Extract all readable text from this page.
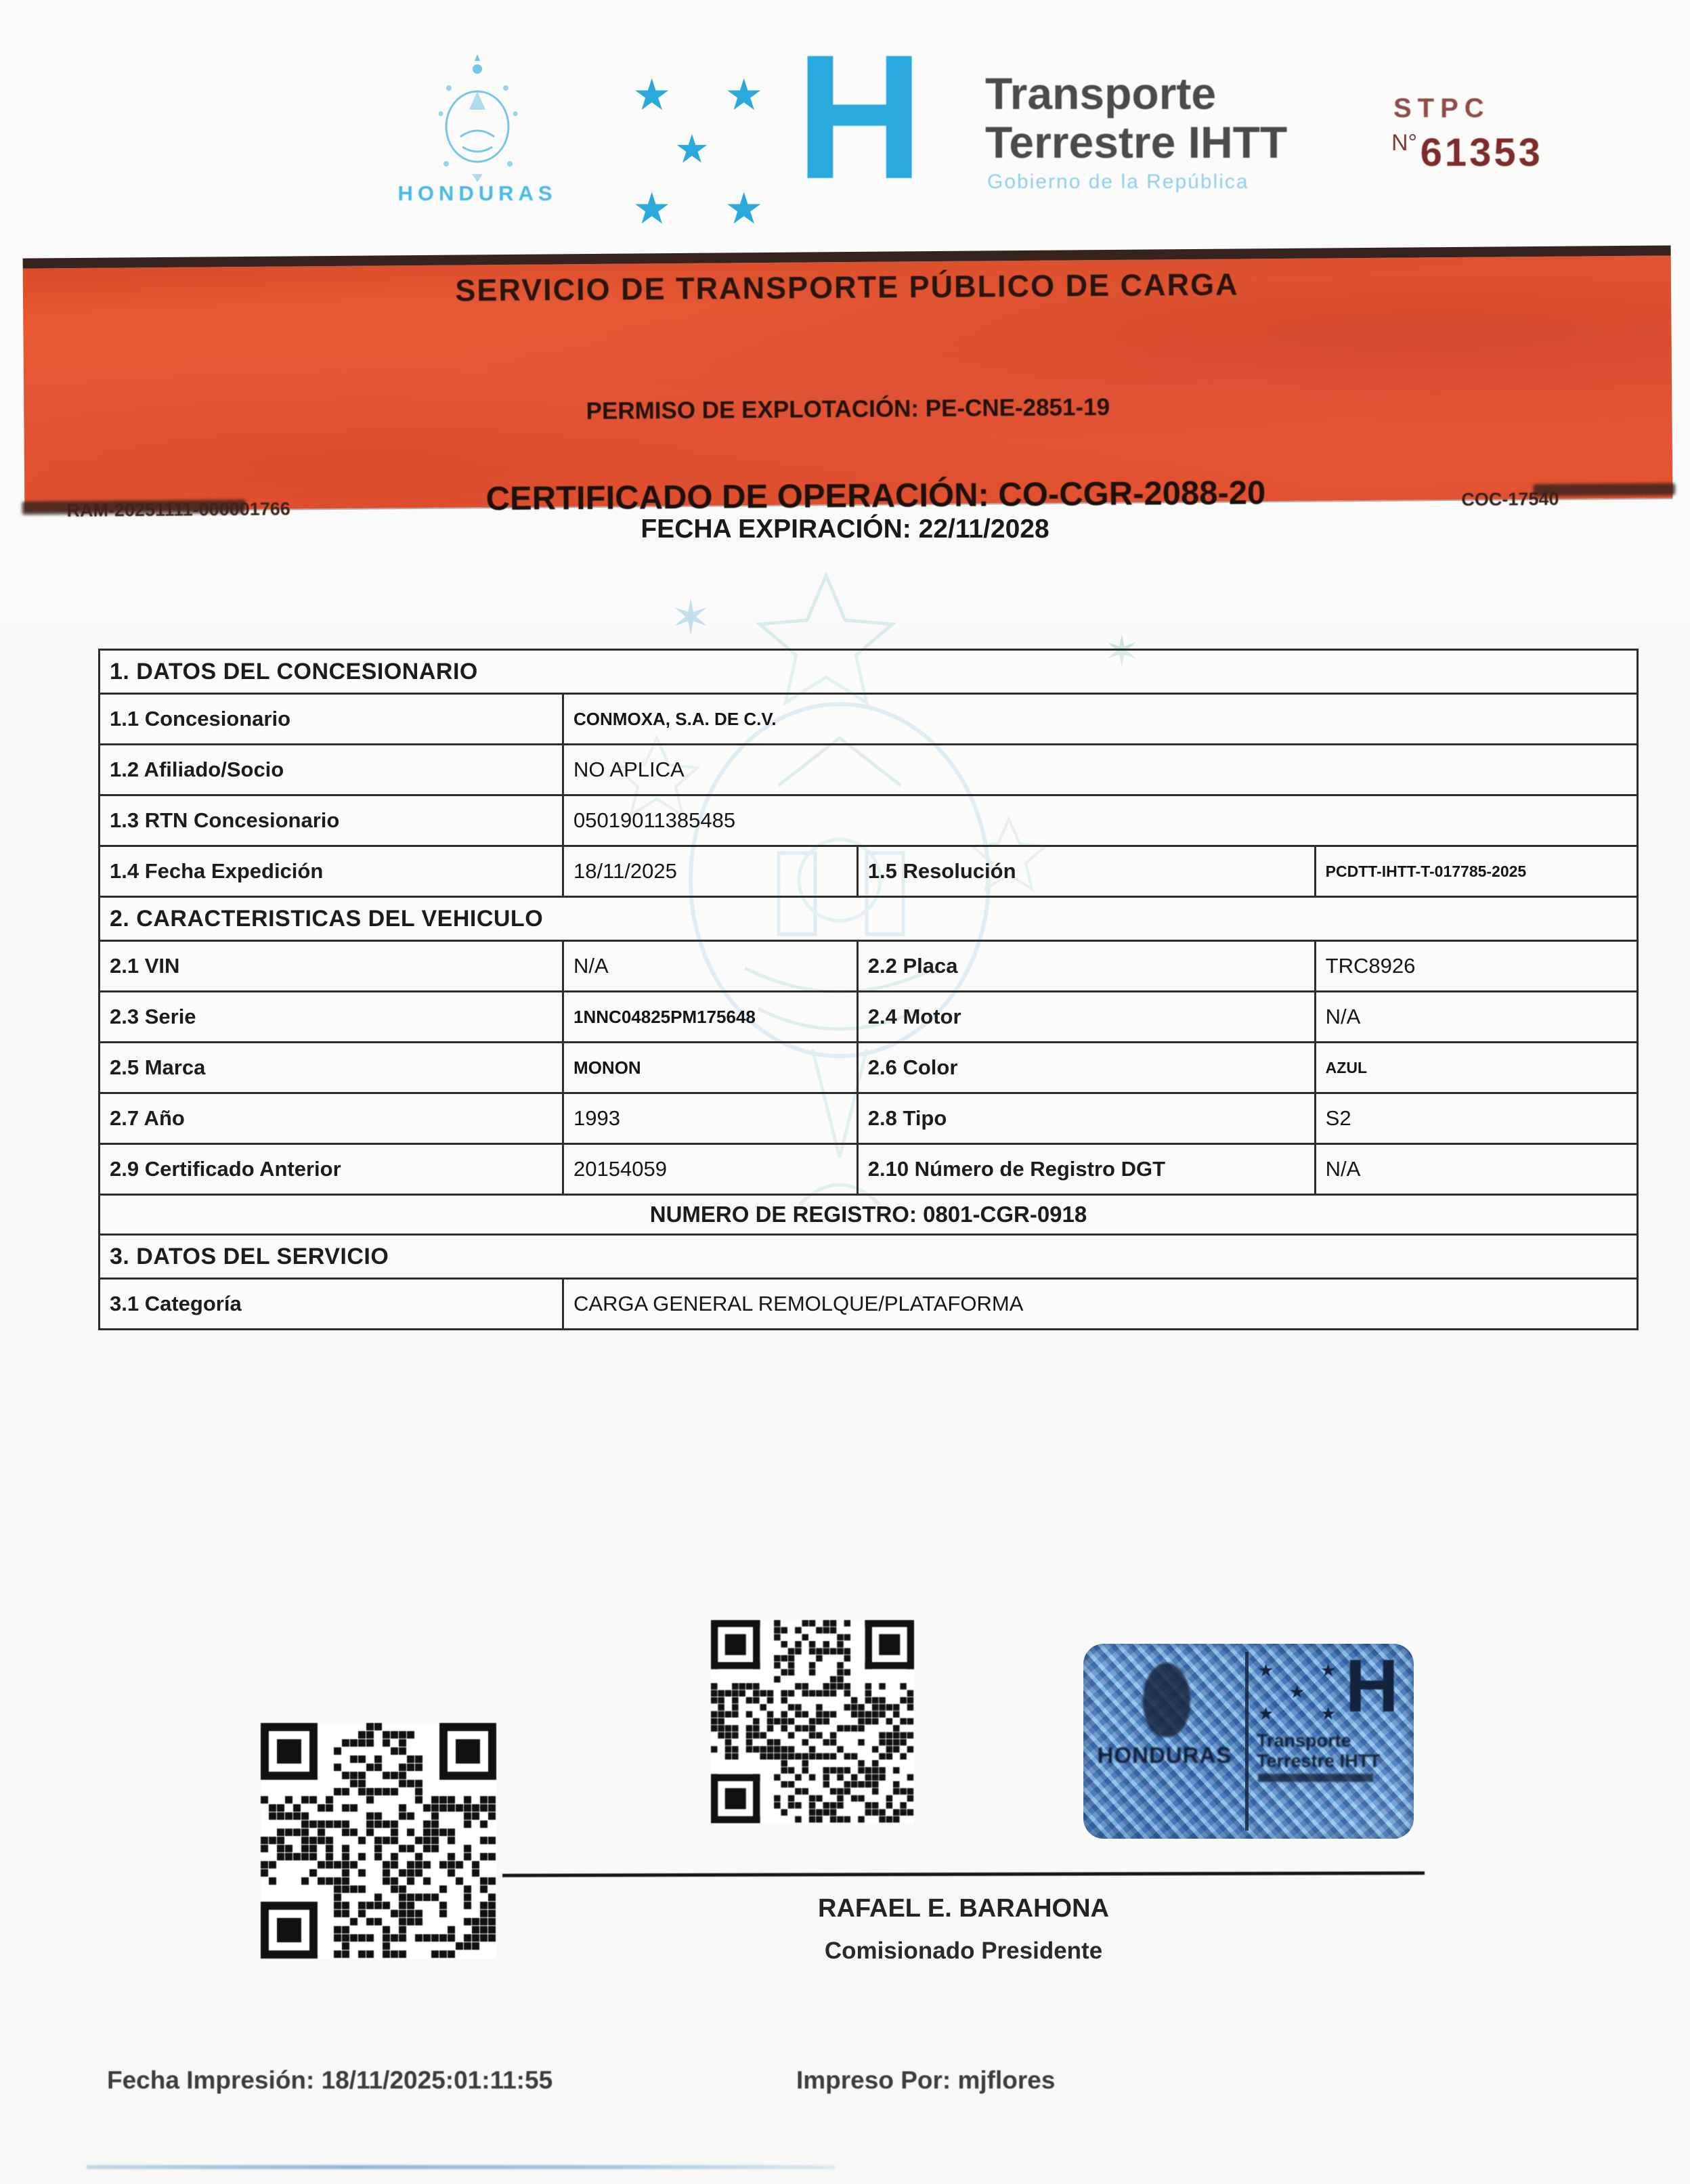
HONDURAS
★ ★
★
★ ★ H	Transporte
Terrestre IHTT
Gobierno de la República
STPC
N° 61353
SERVICIO DE TRANSPORTE PÚBLICO DE CARGA
PERMISO DE EXPLOTACIÓN: PE-CNE-2851-19
RAM-20251111-000001766	CERTIFICADO DE OPERACIÓN: CO-CGR-2088-20	COC-17540
FECHA EXPIRACIÓN: 22/11/2028
✶
✶
1. DATOS DEL CONCESIONARIO			
1.1 Concesionario	CONMOXA, S.A. DE C.V.		
1.2 Afiliado/Socio	NO APLICA		
1.3 RTN Concesionario	05019011385485		
1.4 Fecha Expedición	18/11/2025	1.5 Resolución	PCDTT-IHTT-T-017785-2025
2. CARACTERISTICAS DEL VEHICULO			
2.1 VIN	N/A	2.2 Placa	TRC8926
2.3 Serie	1NNC04825PM175648	2.4 Motor	N/A
2.5 Marca	MONON	2.6 Color	AZUL
2.7 Año	1993	2.8 Tipo	S2
2.9 Certificado Anterior	20154059	2.10 Número de Registro DGT	N/A
NUMERO DE REGISTRO: 0801-CGR-0918			
3. DATOS DEL SERVICIO			
3.1 Categoría	CARGA GENERAL REMOLQUE/PLATAFORMA		
HONDURAS
★	★
★
★	★ H
Transporte
Terrestre IHTT
RAFAEL E. BARAHONA
Comisionado Presidente
Fecha Impresión: 18/11/2025:01:11:55	Impreso Por: mjflores
